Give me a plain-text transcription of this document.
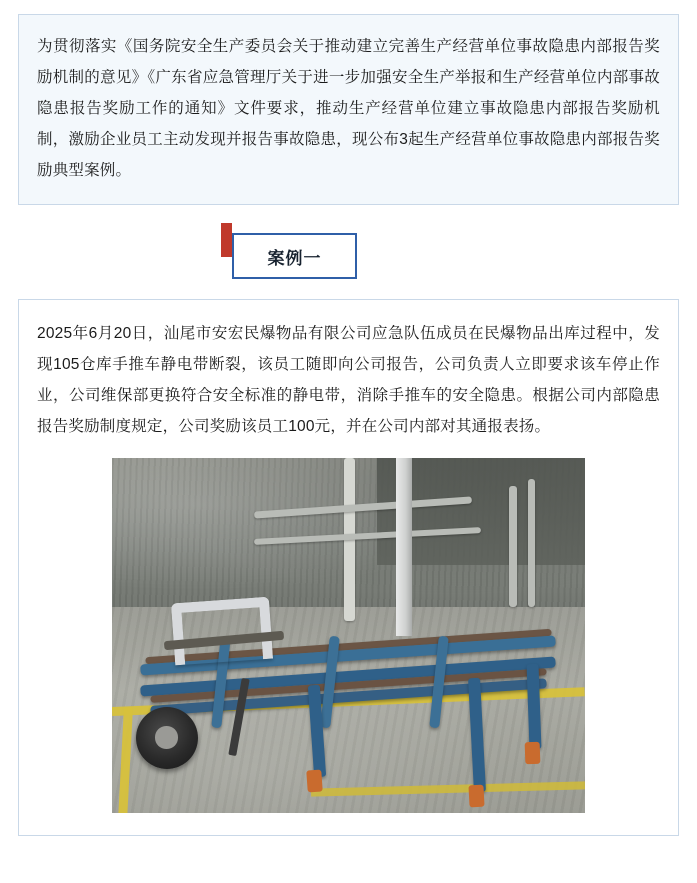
为贯彻落实《国务院安全生产委员会关于推动建立完善生产经营单位事故隐患内部报告奖励机制的意见》《广东省应急管理厅关于进一步加强安全生产举报和生产经营单位内部事故隐患报告奖励工作的通知》文件要求，推动生产经营单位建立事故隐患内部报告奖励机制，激励企业员工主动发现并报告事故隐患，现公布3起生产经营单位事故隐患内部报告奖励典型案例。

案例一

2025年6月20日，汕尾市安宏民爆物品有限公司应急队伍成员在民爆物品出库过程中，发现105仓库手推车静电带断裂，该员工随即向公司报告，公司负责人立即要求该车停止作业，公司维保部更换符合安全标准的静电带，消除手推车的安全隐患。根据公司内部隐患报告奖励制度规定，公司奖励该员工100元，并在公司内部对其通报表扬。
